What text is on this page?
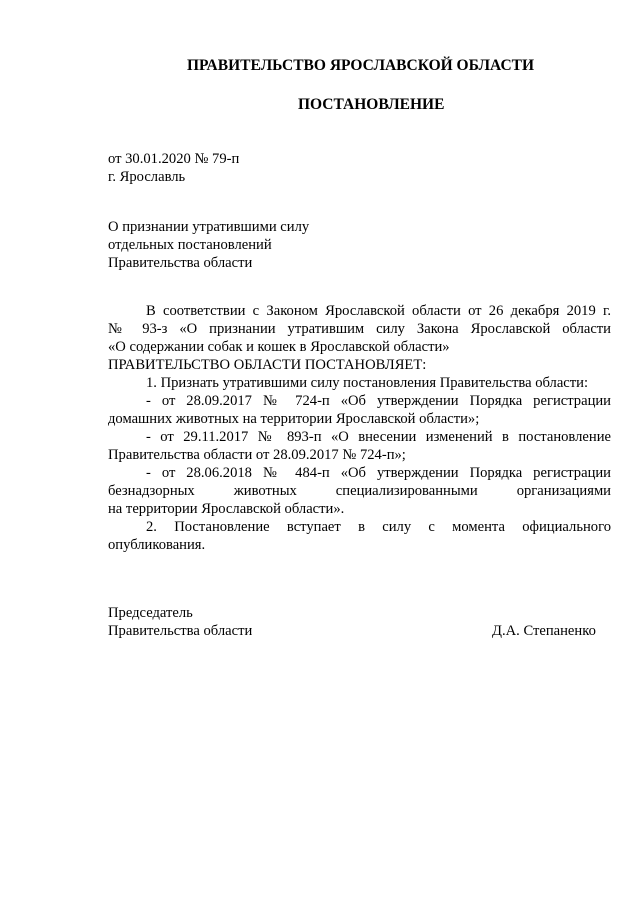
ПРАВИТЕЛЬСТВО ЯРОСЛАВСКОЙ ОБЛАСТИ
ПОСТАНОВЛЕНИЕ
от 30.01.2020 № 79-п
г. Ярославль
О признании утратившими силу
отдельных постановлений
Правительства области
В соответствии с Законом Ярославской области от 26 декабря 2019 г.
№ 93-з «О признании утратившим силу Закона Ярославской области
«О содержании собак и кошек в Ярославской области»
ПРАВИТЕЛЬСТВО ОБЛАСТИ ПОСТАНОВЛЯЕТ:
1. Признать утратившими силу постановления Правительства области:
- от 28.09.2017 № 724-п «Об утверждении Порядка регистрации
домашних животных на территории Ярославской области»;
- от 29.11.2017 № 893-п «О внесении изменений в постановление
Правительства области от 28.09.2017 № 724-п»;
- от 28.06.2018 № 484-п «Об утверждении Порядка регистрации
безнадзорных животных специализированными организациями
на территории Ярославской области».
2. Постановление вступает в силу с момента официального
опубликования.
Председатель
Правительства области	Д.А. Степаненко
